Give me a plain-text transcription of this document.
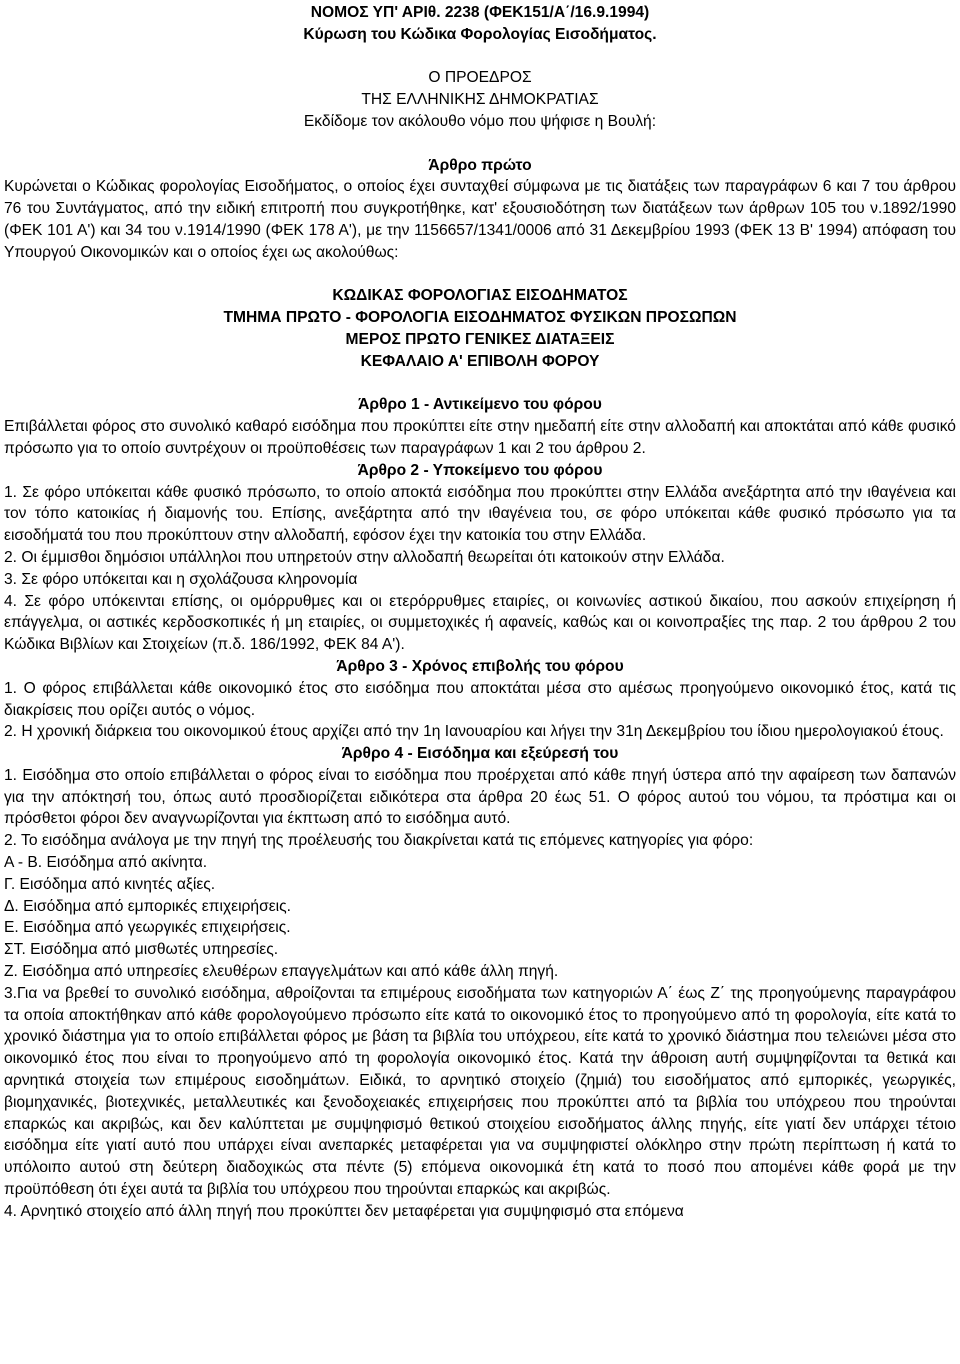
ΝΟΜΟΣ ΥΠ' ΑΡΙθ. 2238 (ΦΕΚ151/Α΄/16.9.1994)

Κύρωση του Κώδικα Φορολογίας Εισοδήματος.

Ο ΠΡΟΕΔΡΟΣ

ΤΗΣ ΕΛΛΗΝΙΚΗΣ ΔΗΜΟΚΡΑΤΙΑΣ

Εκδίδομε τον ακόλουθο νόμο που ψήφισε η Βουλή:

Άρθρο πρώτο

Κυρώνεται ο Κώδικας φορολογίας Εισοδήματος, ο οποίος έχει συνταχθεί σύμφωνα με τις διατάξεις των παραγράφων 6 και 7 του άρθρου 76 του Συντάγματος, από την ειδική επιτροπή που συγκροτήθηκε, κατ' εξουσιοδότηση των διατάξεων των άρθρων 105 του ν.1892/1990 (ΦΕΚ 101 Α') και 34 του ν.1914/1990 (ΦΕΚ 178 Α'), με την 1156657/1341/0006 από 31 Δεκεμβρίου 1993 (ΦΕΚ 13 Β' 1994) απόφαση του Υπουργού Οικονομικών και ο οποίος έχει ως ακολούθως:

ΚΩΔΙΚΑΣ ΦΟΡΟΛΟΓΙΑΣ ΕΙΣΟΔΗΜΑΤΟΣ

ΤΜΗΜΑ ΠΡΩΤΟ - ΦΟΡΟΛΟΓΙΑ ΕΙΣΟΔΗΜΑΤΟΣ ΦΥΣΙΚΩΝ ΠΡΟΣΩΠΩΝ

ΜΕΡΟΣ ΠΡΩΤΟ ΓΕΝΙΚΕΣ ΔΙΑΤΑΞΕΙΣ

ΚΕΦΑΛΑΙΟ Α' ΕΠΙΒΟΛΗ ΦΟΡΟΥ

Άρθρο 1 - Αντικείμενο του φόρου

Επιβάλλεται φόρος στο συνολικό καθαρό εισόδημα που προκύπτει είτε στην ημεδαπή είτε στην αλλοδαπή και αποκτάται από κάθε φυσικό πρόσωπο για το οποίο συντρέχουν οι προϋποθέσεις των παραγράφων 1 και 2 του άρθρου 2.

Άρθρο 2 - Υποκείμενο του φόρου

1. Σε φόρο υπόκειται κάθε φυσικό πρόσωπο, το οποίο αποκτά εισόδημα που προκύπτει στην Ελλάδα ανεξάρτητα από την ιθαγένεια και τον τόπο κατοικίας ή διαμονής του. Επίσης, ανεξάρτητα από την ιθαγένεια του, σε φόρο υπόκειται κάθε φυσικό πρόσωπο για τα εισοδήματά του που προκύπτουν στην αλλοδαπή, εφόσον έχει την κατοικία του στην Ελλάδα.

2. Οι έμμισθοι δημόσιοι υπάλληλοι που υπηρετούν στην αλλοδαπή θεωρείται ότι κατοικούν στην Ελλάδα.

3. Σε φόρο υπόκειται και η σχολάζουσα κληρονομία

4. Σε φόρο υπόκεινται επίσης, οι ομόρρυθμες και οι ετερόρρυθμες εταιρίες, οι κοινωνίες αστικού δικαίου, που ασκούν επιχείρηση ή επάγγελμα, οι αστικές κερδοσκοπικές ή μη εταιρίες, οι συμμετοχικές ή αφανείς, καθώς και οι κοινοπραξίες της παρ. 2 του άρθρου 2 του Κώδικα Βιβλίων και Στοιχείων (π.δ. 186/1992, ΦΕΚ 84 Α').

Άρθρο 3 - Χρόνος επιβολής του φόρου

1. Ο φόρος επιβάλλεται κάθε οικονομικό έτος στο εισόδημα που αποκτάται μέσα στο αμέσως προηγούμενο οικονομικό έτος, κατά τις διακρίσεις που ορίζει αυτός ο νόμος.

2. Η χρονική διάρκεια του οικονομικού έτους αρχίζει από την 1η Ιανουαρίου και λήγει την 31η Δεκεμβρίου του ίδιου ημερολογιακού έτους.

Άρθρο 4 - Εισόδημα και εξεύρεσή του

1. Εισόδημα στο οποίο επιβάλλεται ο φόρος είναι το εισόδημα που προέρχεται από κάθε πηγή ύστερα από την αφαίρεση των δαπανών για την απόκτησή του, όπως αυτό προσδιορίζεται ειδικότερα στα άρθρα 20 έως 51. Ο φόρος αυτού του νόμου, τα πρόστιμα και οι πρόσθετοι φόροι δεν αναγνωρίζονται για έκπτωση από το εισόδημα αυτό.

2. Το εισόδημα ανάλογα με την πηγή της προέλευσής του διακρίνεται κατά τις επόμενες κατηγορίες για φόρο:

Α - Β. Εισόδημα από ακίνητα.

Γ. Εισόδημα από κινητές αξίες.

Δ. Εισόδημα από εμπορικές επιχειρήσεις.

Ε. Εισόδημα από γεωργικές επιχειρήσεις.

ΣΤ. Εισόδημα από μισθωτές υπηρεσίες.

Ζ. Εισόδημα από υπηρεσίες ελευθέρων επαγγελμάτων και από κάθε άλλη πηγή.

3.Για να βρεθεί το συνολικό εισόδημα, αθροίζονται τα επιμέρους εισοδήματα των κατηγοριών Α΄ έως Ζ΄ της προηγούμενης παραγράφου τα οποία αποκτήθηκαν από κάθε φορολογούμενο πρόσωπο είτε κατά το οικονομικό έτος το προηγούμενο από τη φορολογία, είτε κατά το χρονικό διάστημα για το οποίο επιβάλλεται φόρος με βάση τα βιβλία του υπόχρεου, είτε κατά το χρονικό διάστημα που τελειώνει μέσα στο οικονομικό έτος που είναι το προηγούμενο από τη φορολογία οικονομικό έτος. Κατά την άθροιση αυτή συμψηφίζονται τα θετικά και αρνητικά στοιχεία των επιμέρους εισοδημάτων. Ειδικά, το αρνητικό στοιχείο (ζημιά) του εισοδήματος από εμπορικές, γεωργικές, βιομηχανικές, βιοτεχνικές, μεταλλευτικές και ξενοδοχειακές επιχειρήσεις που προκύπτει από τα βιβλία του υπόχρεου που τηρούνται επαρκώς και ακριβώς, και δεν καλύπτεται με συμψηφισμό θετικού στοιχείου εισοδήματος άλλης πηγής, είτε γιατί δεν υπάρχει τέτοιο εισόδημα είτε γιατί αυτό που υπάρχει είναι ανεπαρκές μεταφέρεται για να συμψηφιστεί ολόκληρο στην πρώτη περίπτωση ή κατά το υπόλοιπο αυτού στη δεύτερη διαδοχικώς στα πέντε (5) επόμενα οικονομικά έτη κατά το ποσό που απομένει κάθε φορά με την προϋπόθεση ότι έχει αυτά τα βιβλία του υπόχρεου που τηρούνται επαρκώς και ακριβώς.

4. Αρνητικό στοιχείο από άλλη πηγή που προκύπτει δεν μεταφέρεται για συμψηφισμό στα επόμενα
